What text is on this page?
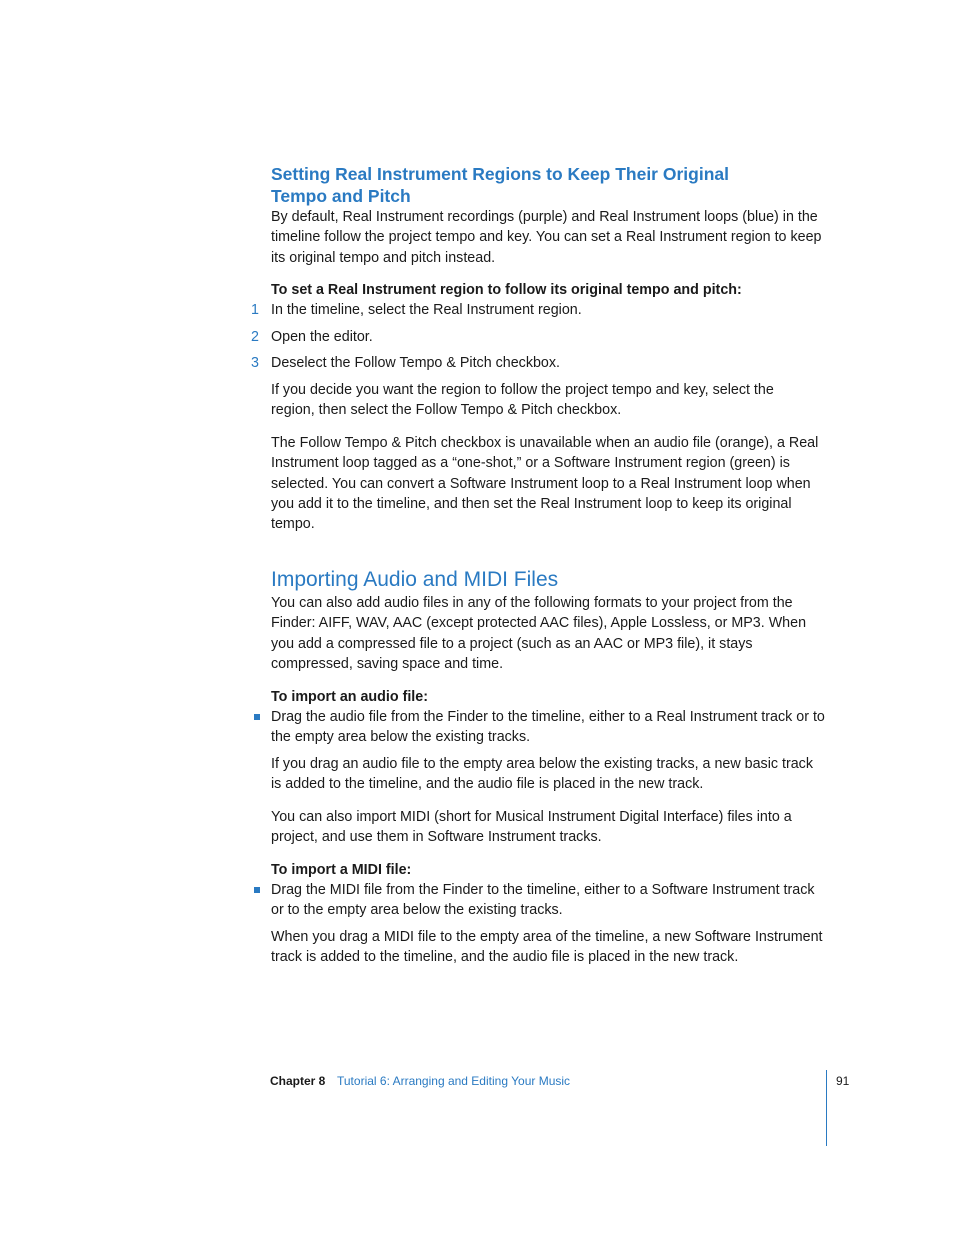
Setting Real Instrument Regions to Keep Their Original
Tempo and Pitch
By default, Real Instrument recordings (purple) and Real Instrument loops (blue) in the timeline follow the project tempo and key. You can set a Real Instrument region to keep its original tempo and pitch instead.
To set a Real Instrument region to follow its original tempo and pitch:
1 In the timeline, select the Real Instrument region.
2 Open the editor.
3 Deselect the Follow Tempo & Pitch checkbox.
If you decide you want the region to follow the project tempo and key, select the region, then select the Follow Tempo & Pitch checkbox.
The Follow Tempo & Pitch checkbox is unavailable when an audio file (orange), a Real Instrument loop tagged as a “one-shot,” or a Software Instrument region (green) is selected. You can convert a Software Instrument loop to a Real Instrument loop when you add it to the timeline, and then set the Real Instrument loop to keep its original tempo.
Importing Audio and MIDI Files
You can also add audio files in any of the following formats to your project from the Finder: AIFF, WAV, AAC (except protected AAC files), Apple Lossless, or MP3. When you add a compressed file to a project (such as an AAC or MP3 file), it stays compressed, saving space and time.
To import an audio file:
Drag the audio file from the Finder to the timeline, either to a Real Instrument track or to the empty area below the existing tracks.
If you drag an audio file to the empty area below the existing tracks, a new basic track is added to the timeline, and the audio file is placed in the new track.
You can also import MIDI (short for Musical Instrument Digital Interface) files into a project, and use them in Software Instrument tracks.
To import a MIDI file:
Drag the MIDI file from the Finder to the timeline, either to a Software Instrument track or to the empty area below the existing tracks.
When you drag a MIDI file to the empty area of the timeline, a new Software Instrument track is added to the timeline, and the audio file is placed in the new track.
Chapter 8 Tutorial 6: Arranging and Editing Your Music	91
